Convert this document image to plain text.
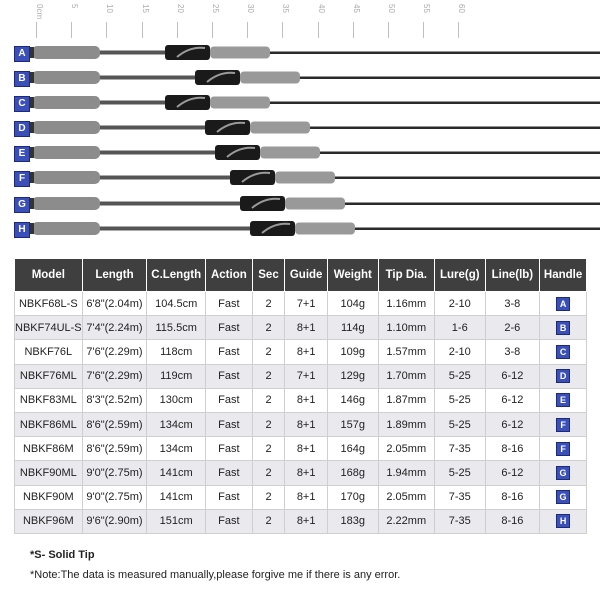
0cm	5	10	15	20	25	30	35	40	45	50	55	60
A
B
C
D
E
F
G
H
Model	Length	C.Length	Action	Sec	Guide	Weight	Tip Dia.	Lure(g)	Line(lb)	Handle
NBKF68L-S	6'8"(2.04m)	104.5cm	Fast	2	7+1	104g	1.16mm	2-10	3-8	A
NBKF74UL-S	7'4"(2.24m)	115.5cm	Fast	2	8+1	114g	1.10mm	1-6	2-6	B
NBKF76L	7'6"(2.29m)	118cm	Fast	2	8+1	109g	1.57mm	2-10	3-8	C
NBKF76ML	7'6"(2.29m)	119cm	Fast	2	7+1	129g	1.70mm	5-25	6-12	D
NBKF83ML	8'3"(2.52m)	130cm	Fast	2	8+1	146g	1.87mm	5-25	6-12	E
NBKF86ML	8'6"(2.59m)	134cm	Fast	2	8+1	157g	1.89mm	5-25	6-12	F
NBKF86M	8'6"(2.59m)	134cm	Fast	2	8+1	164g	2.05mm	7-35	8-16	F
NBKF90ML	9'0"(2.75m)	141cm	Fast	2	8+1	168g	1.94mm	5-25	6-12	G
NBKF90M	9'0"(2.75m)	141cm	Fast	2	8+1	170g	2.05mm	7-35	8-16	G
NBKF96M	9'6"(2.90m)	151cm	Fast	2	8+1	183g	2.22mm	7-35	8-16	H
*S- Solid Tip
*Note:The data is measured manually,please forgive me if there is any error.
